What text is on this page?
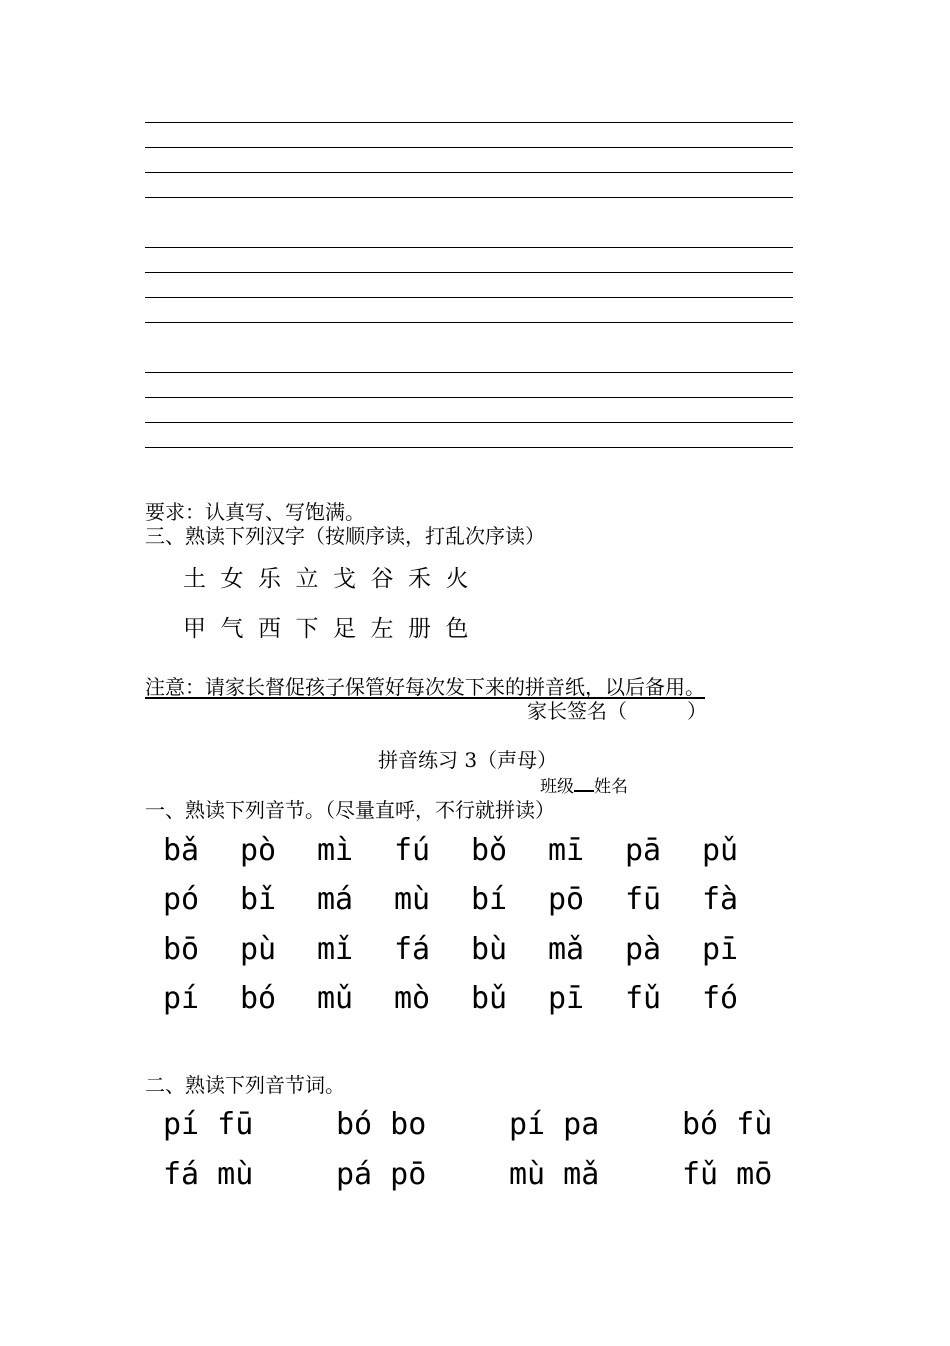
要求：认真写、写饱满。
三、熟读下列汉字（按顺序读，打乱次序读）
土 女 乐 立 戈 谷 禾 火
甲 气 西 下 足 左 册 色
注意：请家长督促孩子保管好每次发下来的拼音纸，以后备用。
家长签名（　　　）
拼音练习 3（声母）
班级 姓名
一、熟读下列音节。（尽量直呼，不行就拼读）
bǎ pò mì fú bǒ mī pā pǔ
pó bǐ má mù bí pō fū fà
bō pù mǐ fá bù mǎ pà pī
pí bó mǔ mò bǔ pī fǔ fó
二、熟读下列音节词。
pí fū	bó bo	pí pa	bó fù
fá mù	pá pō	mù mǎ	fǔ mō
